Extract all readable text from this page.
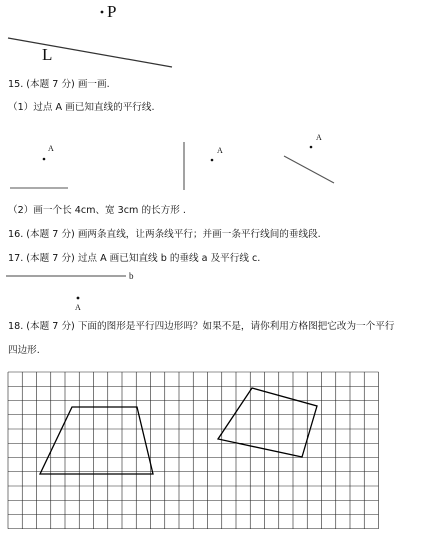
P
L
15. (本题 7 分) 画一画.
（1）过点 A 画已知直线的平行线.
A	A
A
（2）画一个长 4cm、宽 3cm 的长方形 .
16. (本题 7 分) 画两条直线，让两条线平行；并画一条平行线间的垂线段.
17. (本题 7 分) 过点 A 画已知直线 b 的垂线 a 及平行线 c.
b
A
18. (本题 7 分) 下面的图形是平行四边形吗？如果不是，请你利用方格图把它改为一个平行
四边形.
